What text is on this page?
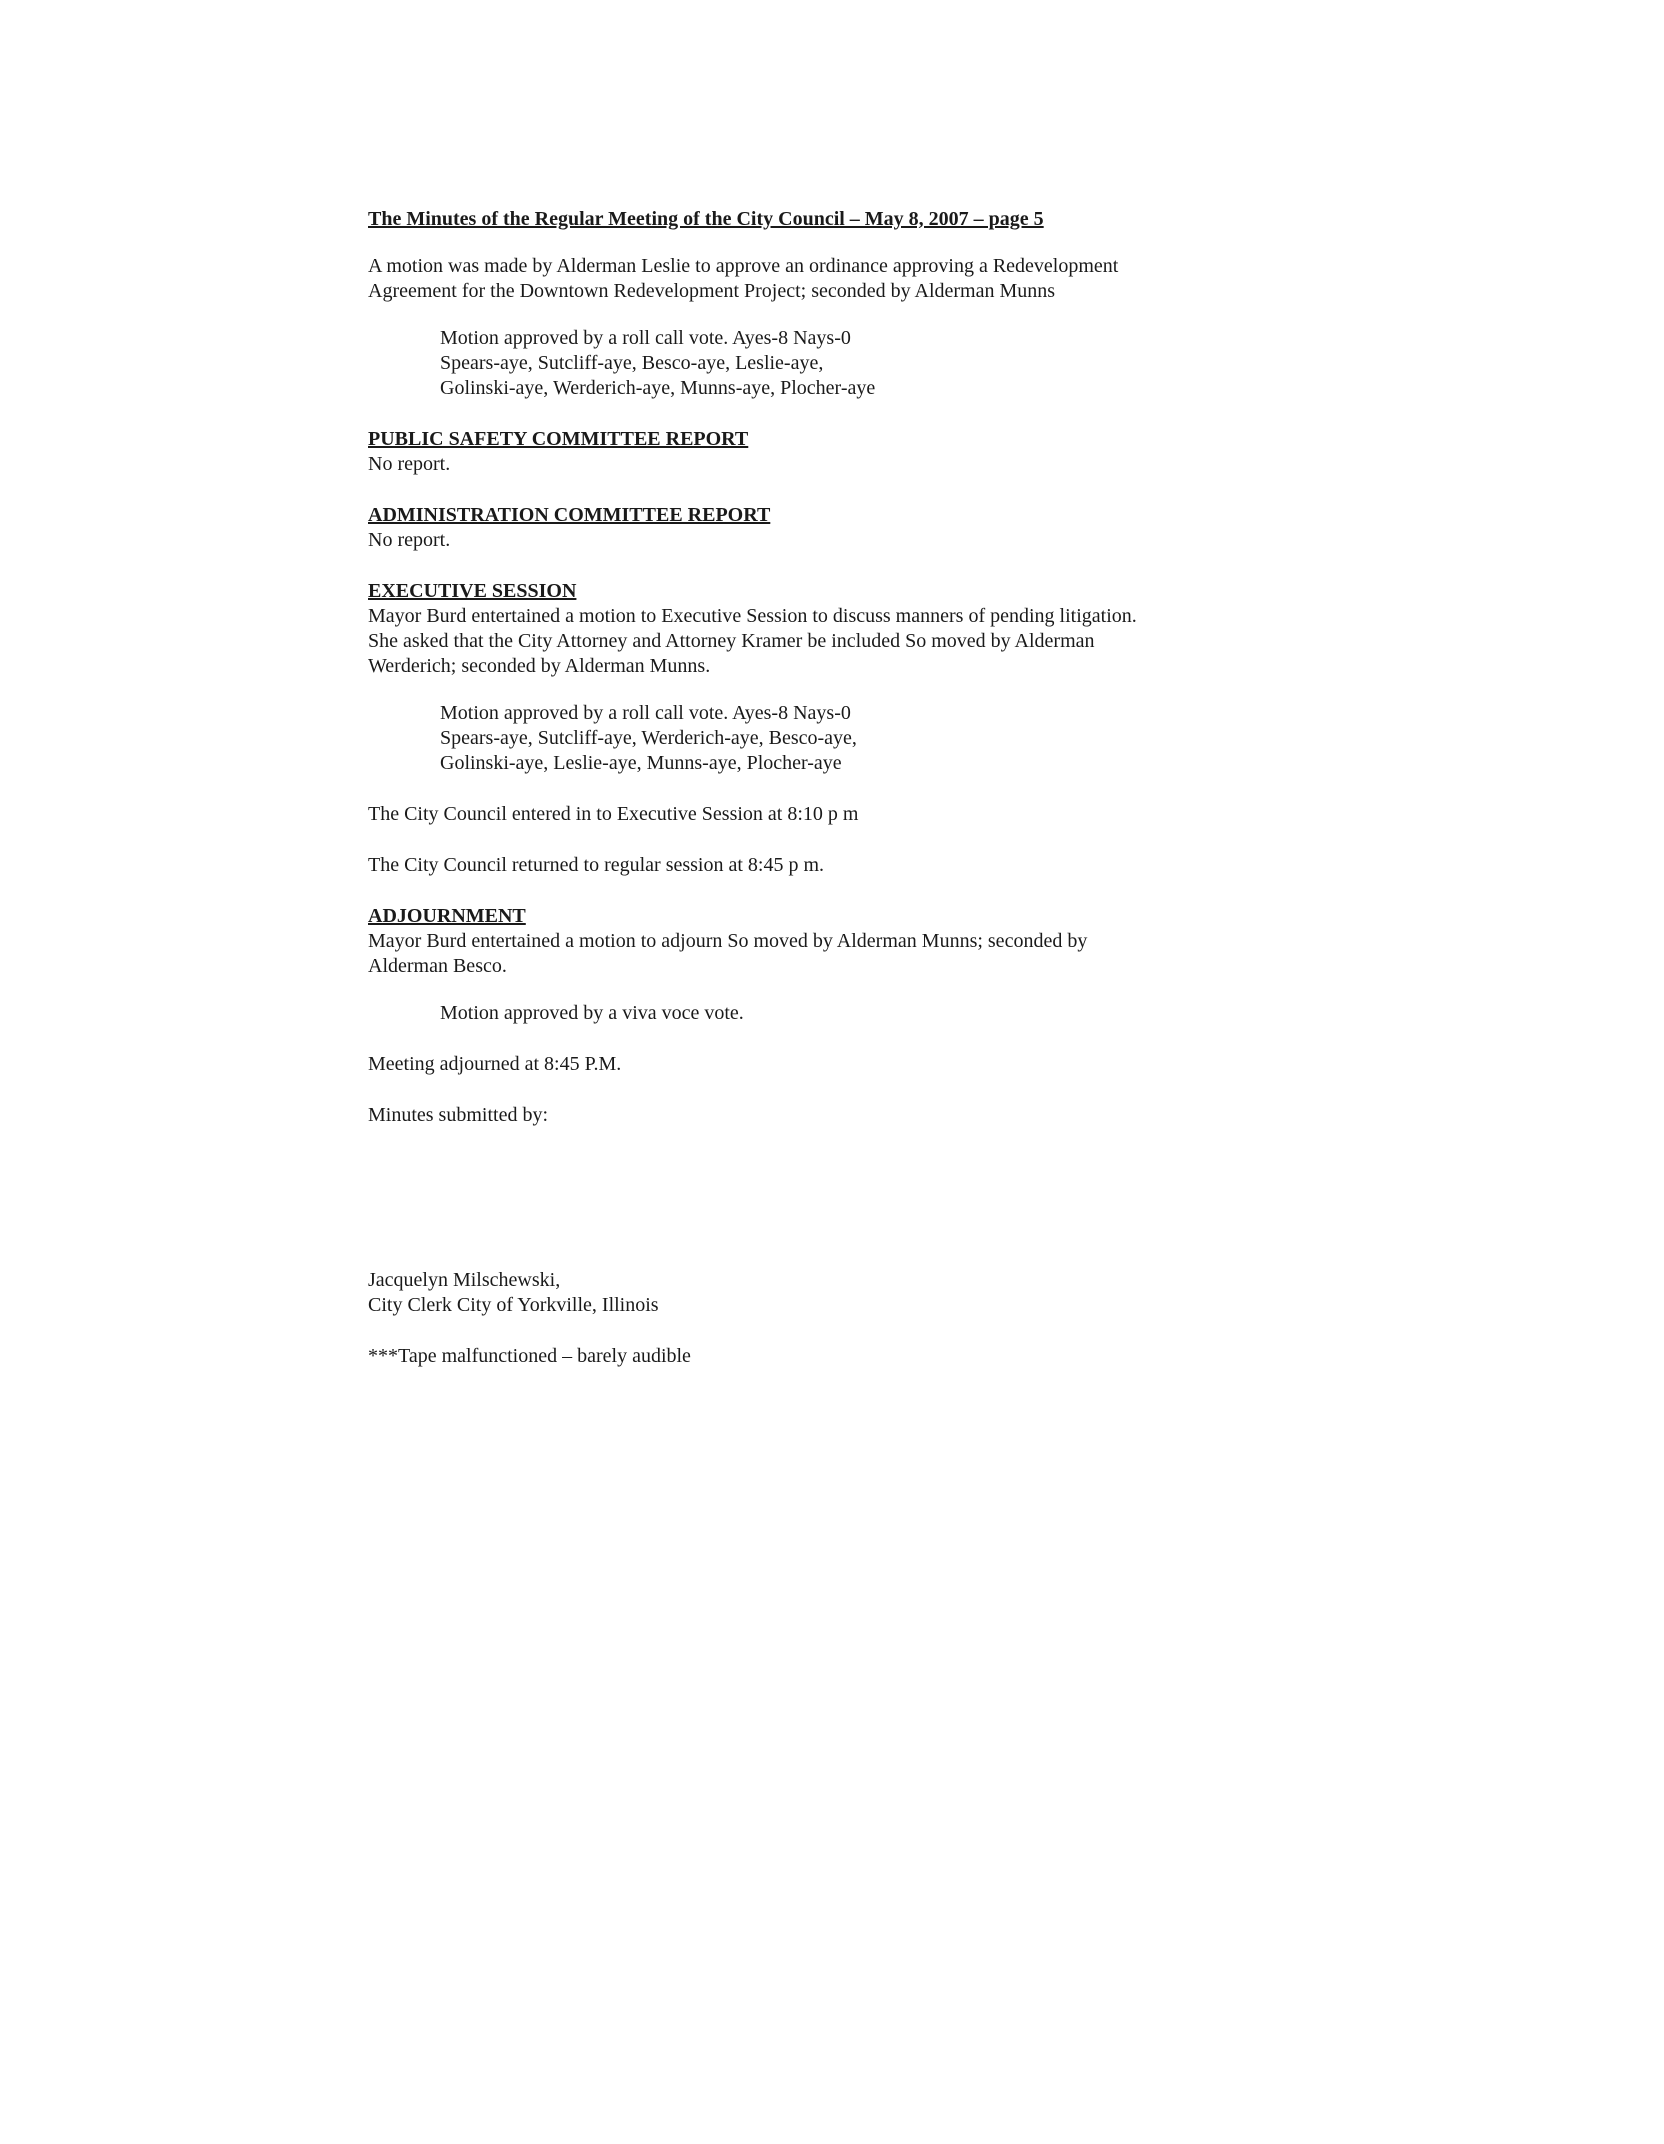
The Minutes of the Regular Meeting of the City Council – May 8, 2007 – page 5

A motion was made by Alderman Leslie to approve an ordinance approving a Redevelopment

Agreement for the Downtown Redevelopment Project; seconded by Alderman Munns

Motion approved by a roll call vote. Ayes-8 Nays-0

Spears-aye, Sutcliff-aye, Besco-aye, Leslie-aye,

Golinski-aye, Werderich-aye, Munns-aye, Plocher-aye

PUBLIC SAFETY COMMITTEE REPORT

No report.

ADMINISTRATION COMMITTEE REPORT

No report.

EXECUTIVE SESSION

Mayor Burd entertained a motion to Executive Session to discuss manners of pending litigation.

She asked that the City Attorney and Attorney Kramer be included So moved by Alderman

Werderich; seconded by Alderman Munns.

Motion approved by a roll call vote. Ayes-8 Nays-0

Spears-aye, Sutcliff-aye, Werderich-aye, Besco-aye,

Golinski-aye, Leslie-aye, Munns-aye, Plocher-aye

The City Council entered in to Executive Session at 8:10 p m

The City Council returned to regular session at 8:45 p m.

ADJOURNMENT

Mayor Burd entertained a motion to adjourn So moved by Alderman Munns; seconded by

Alderman Besco.

Motion approved by a viva voce vote.

Meeting adjourned at 8:45 P.M.

Minutes submitted by:

Jacquelyn Milschewski,

City Clerk City of Yorkville, Illinois

***Tape malfunctioned – barely audible
